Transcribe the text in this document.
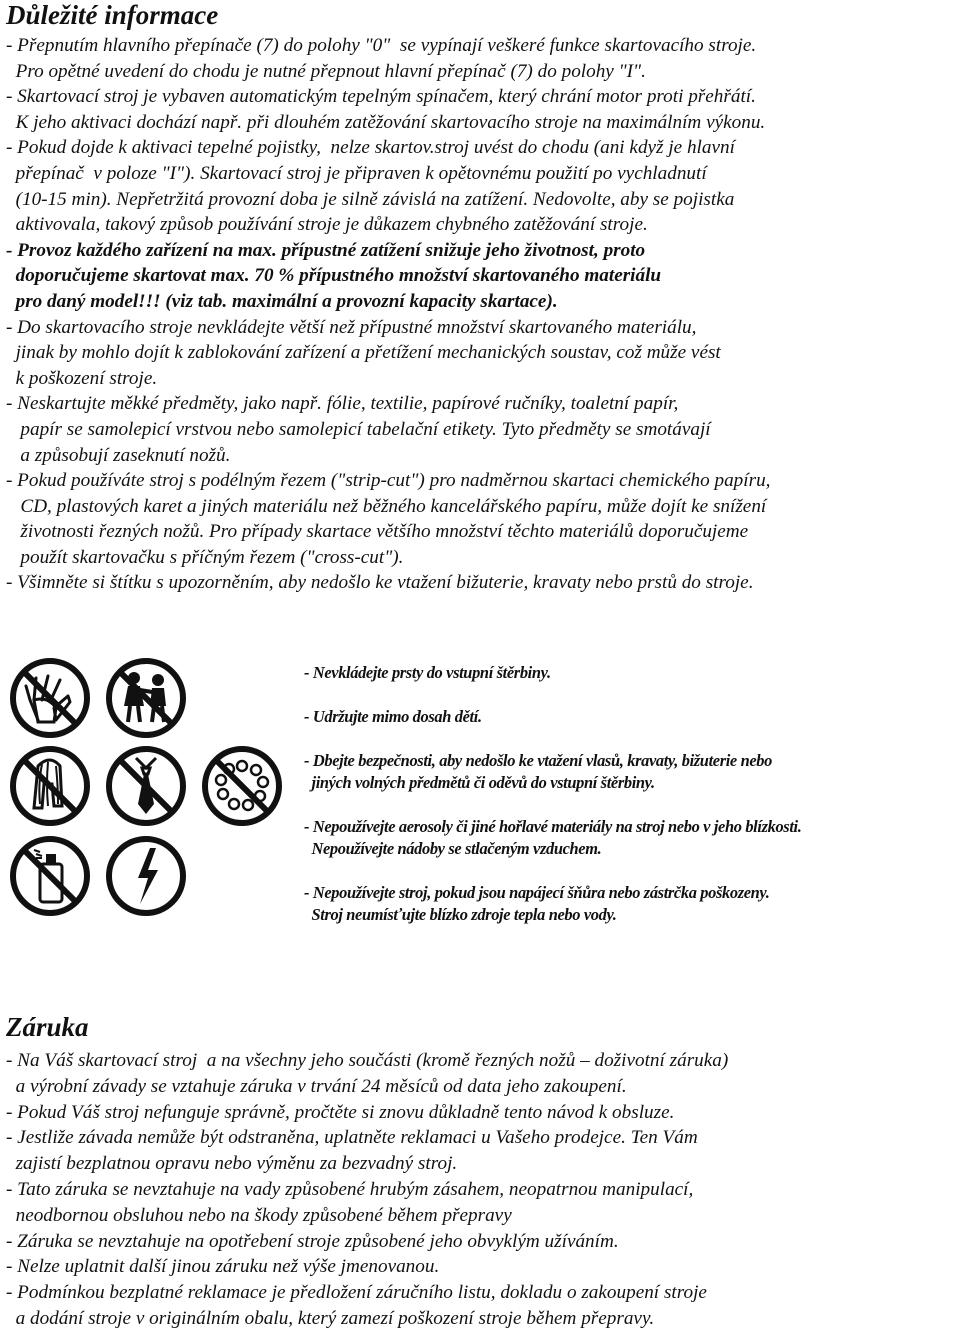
Důležité informace

- Přepnutím hlavního přepínače (7) do polohy "0"  se vypínají veškeré funkce skartovacího stroje.

Pro opětné uvedení do chodu je nutné přepnout hlavní přepínač (7) do polohy "I".

- Skartovací stroj je vybaven automatickým tepelným spínačem, který chrání motor proti přehřátí.

K jeho aktivaci dochází např. při dlouhém zatěžování skartovacího stroje na maximálním výkonu.

- Pokud dojde k aktivaci tepelné pojistky,  nelze skartov.stroj uvést do chodu (ani když je hlavní

přepínač  v poloze "I"). Skartovací stroj je připraven k opětovnému použití po vychladnutí

(10-15 min). Nepřetržitá provozní doba je silně závislá na zatížení. Nedovolte, aby se pojistka

aktivovala, takový způsob používání stroje je důkazem chybného zatěžování stroje.

- Provoz každého zařízení na max. přípustné zatížení snižuje jeho životnost, proto

doporučujeme skartovat max. 70 % přípustného množství skartovaného materiálu

pro daný model!!! (viz tab. maximální a provozní kapacity skartace).

- Do skartovacího stroje nevkládejte větší než přípustné množství skartovaného materiálu,

jinak by mohlo dojít k zablokování zařízení a přetížení mechanických soustav, což může vést

k poškození stroje.

- Neskartujte měkké předměty, jako např. fólie, textilie, papírové ručníky, toaletní papír,

papír se samolepicí vrstvou nebo samolepicí tabelační etikety. Tyto předměty se smotávají

a způsobují zaseknutí nožů.

- Pokud používáte stroj s podélným řezem ("strip-cut") pro nadměrnou skartaci chemického papíru,

CD, plastových karet a jiných materiálu než běžného kancelářského papíru, může dojít ke snížení

životnosti řezných nožů. Pro případy skartace většího množství těchto materiálů doporučujeme

použít skartovačku s příčným řezem ("cross-cut").

- Všimněte si štítku s upozorněním, aby nedošlo ke vtažení bižuterie, kravaty nebo prstů do stroje.

- Nevkládejte prsty do vstupní štěrbiny.

- Udržujte mimo dosah dětí.

- Dbejte bezpečnosti, aby nedošlo ke vtažení vlasů, kravaty, bižuterie nebo

jiných volných předmětů či oděvů do vstupní štěrbiny.

- Nepoužívejte aerosoly či jiné hořlavé materiály na stroj nebo v jeho blízkosti.

Nepoužívejte nádoby se stlačeným vzduchem.

- Nepoužívejte stroj, pokud jsou napájecí šňůra nebo zástrčka poškozeny.

Stroj neumísťujte blízko zdroje tepla nebo vody.

Záruka

- Na Váš skartovací stroj  a na všechny jeho součásti (kromě řezných nožů – doživotní záruka)

a výrobní závady se vztahuje záruka v trvání 24 měsíců od data jeho zakoupení.

- Pokud Váš stroj nefunguje správně, pročtěte si znovu důkladně tento návod k obsluze.

- Jestliže závada nemůže být odstraněna, uplatněte reklamaci u Vašeho prodejce. Ten Vám

zajistí bezplatnou opravu nebo výměnu za bezvadný stroj.

- Tato záruka se nevztahuje na vady způsobené hrubým zásahem, neopatrnou manipulací,

neodbornou obsluhou nebo na škody způsobené během přepravy

- Záruka se nevztahuje na opotřebení stroje způsobené jeho obvyklým užíváním.

- Nelze uplatnit další jinou záruku než výše jmenovanou.

- Podmínkou bezplatné reklamace je předložení záručního listu, dokladu o zakoupení stroje

a dodání stroje v originálním obalu, který zamezí poškození stroje během přepravy.
